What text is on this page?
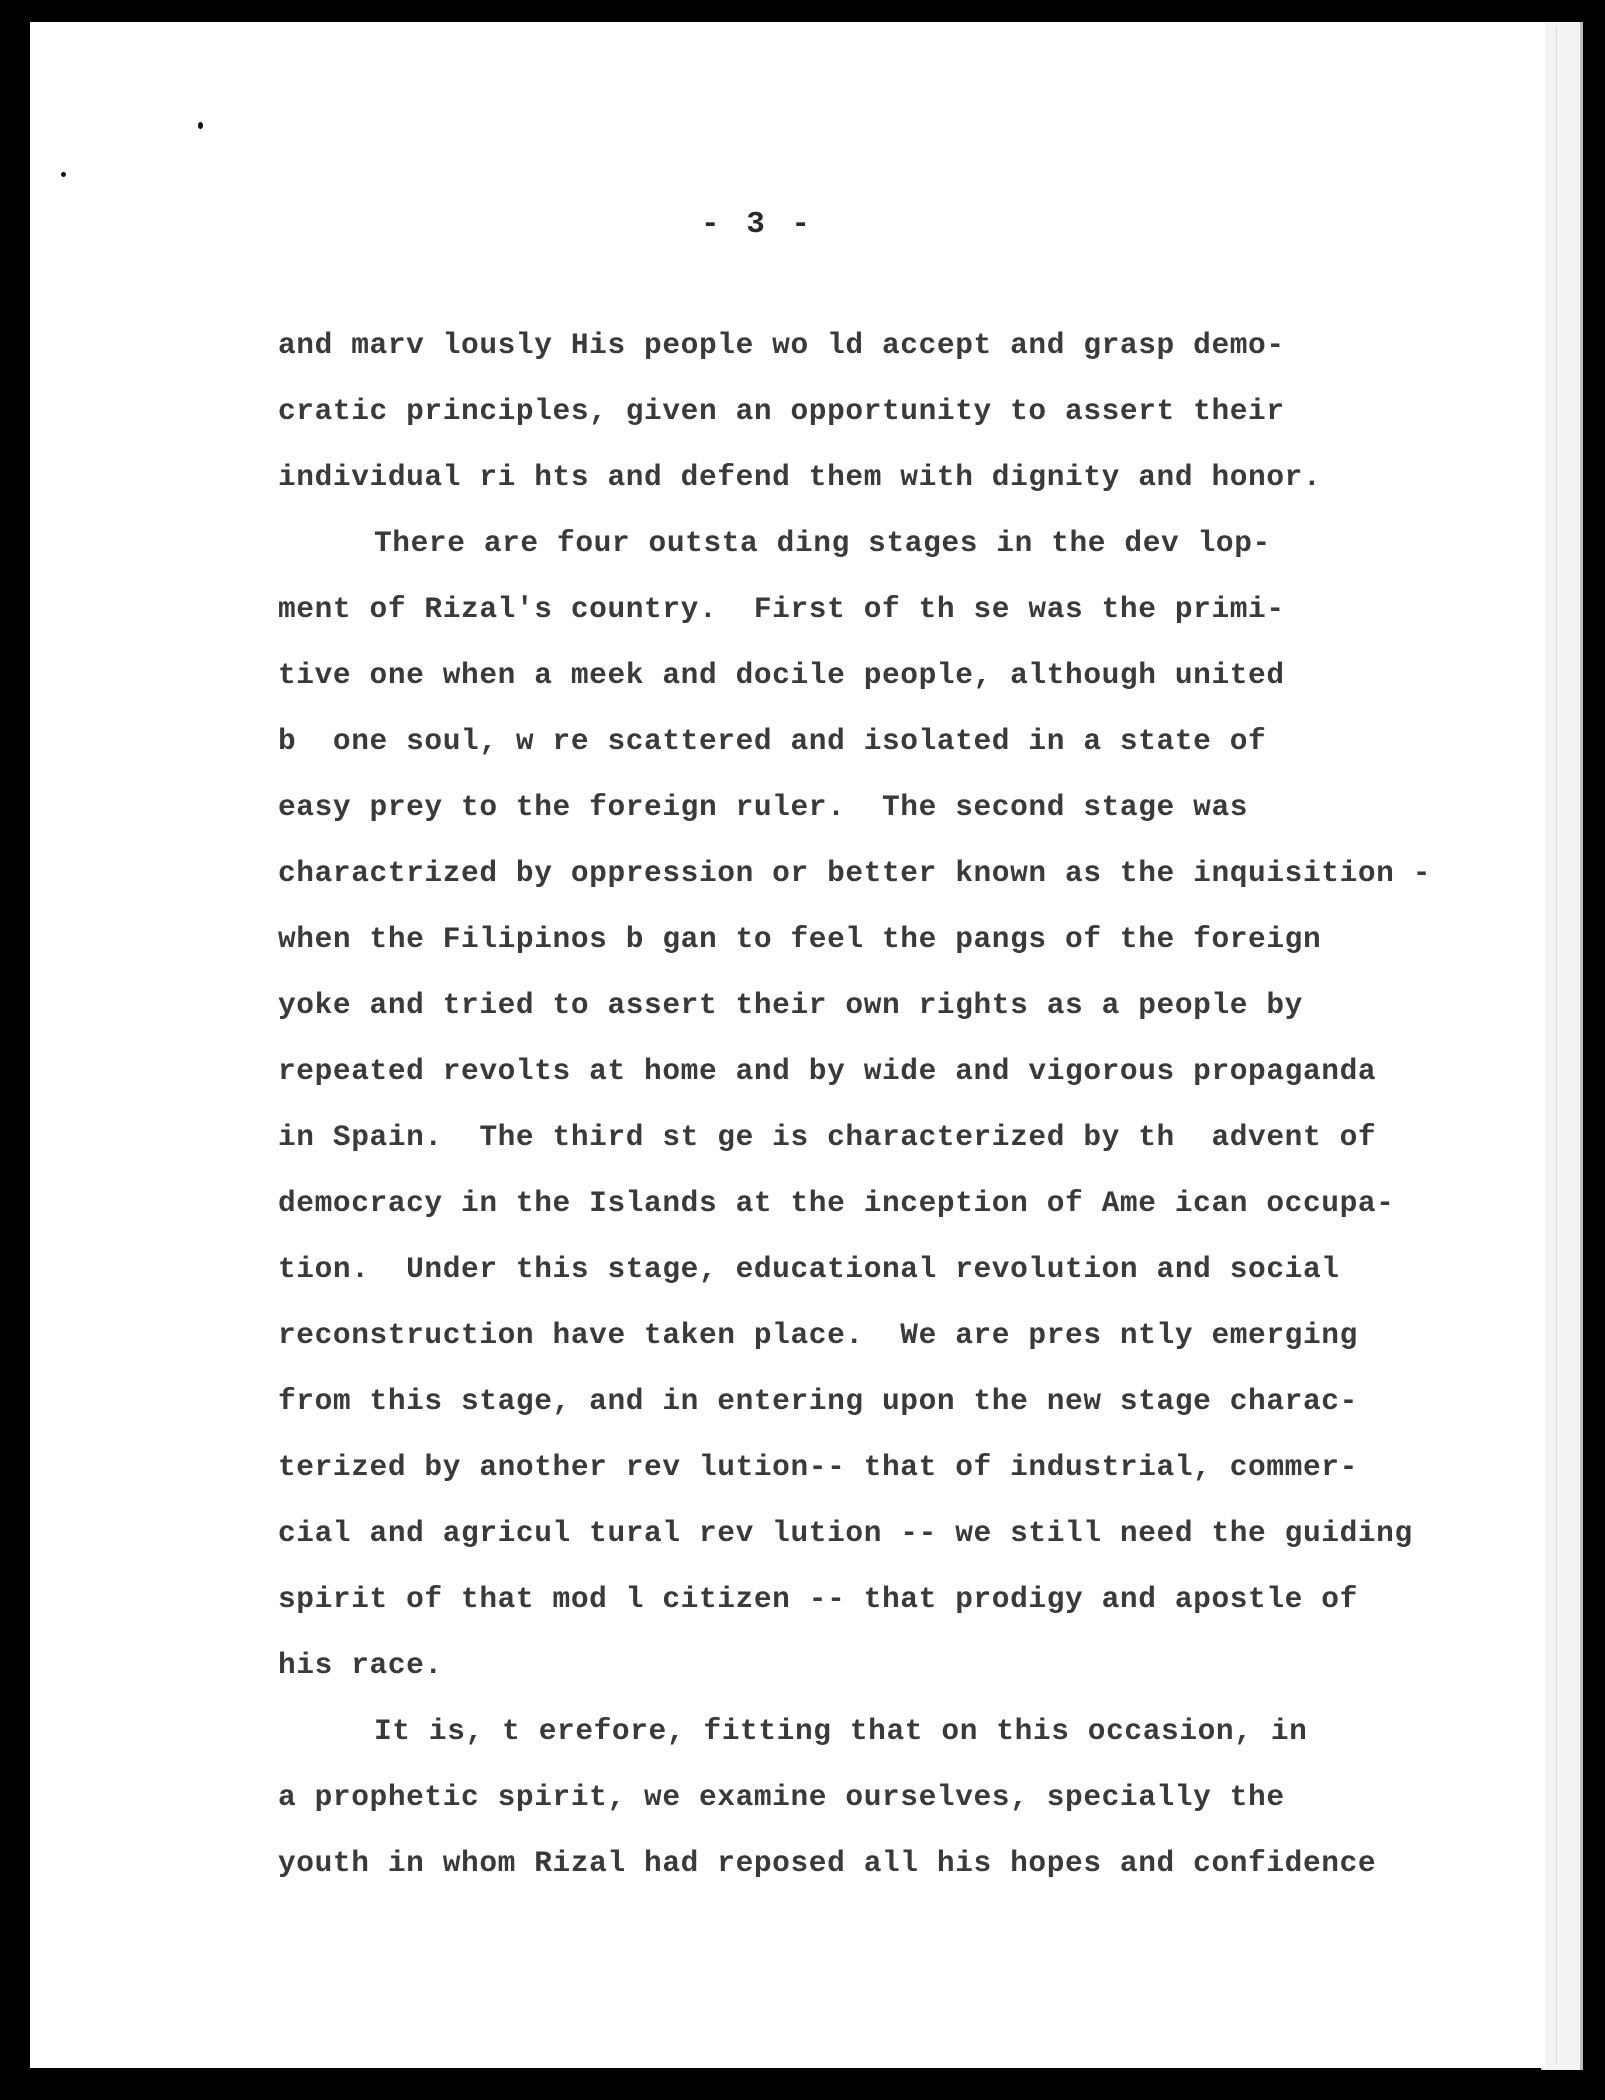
- 3 -
and marv lously His people wo ld accept and grasp demo-
cratic principles, given an opportunity to assert their
individual ri hts and defend them with dignity and honor.
There are four outsta ding stages in the dev lop-
ment of Rizal's country.  First of th se was the primi-
tive one when a meek and docile people, although united
b  one soul, w re scattered and isolated in a state of
easy prey to the foreign ruler.  The second stage was
charactrized by oppression or better known as the inquisition -
when the Filipinos b gan to feel the pangs of the foreign
yoke and tried to assert their own rights as a people by
repeated revolts at home and by wide and vigorous propaganda
in Spain.  The third st ge is characterized by th  advent of
democracy in the Islands at the inception of Ame ican occupa-
tion.  Under this stage, educational revolution and social
reconstruction have taken place.  We are pres ntly emerging
from this stage, and in entering upon the new stage charac-
terized by another rev lution-- that of industrial, commer-
cial and agricul tural rev lution -- we still need the guiding
spirit of that mod l citizen -- that prodigy and apostle of
his race.
It is, t erefore, fitting that on this occasion, in
a prophetic spirit, we examine ourselves, specially the
youth in whom Rizal had reposed all his hopes and confidence
